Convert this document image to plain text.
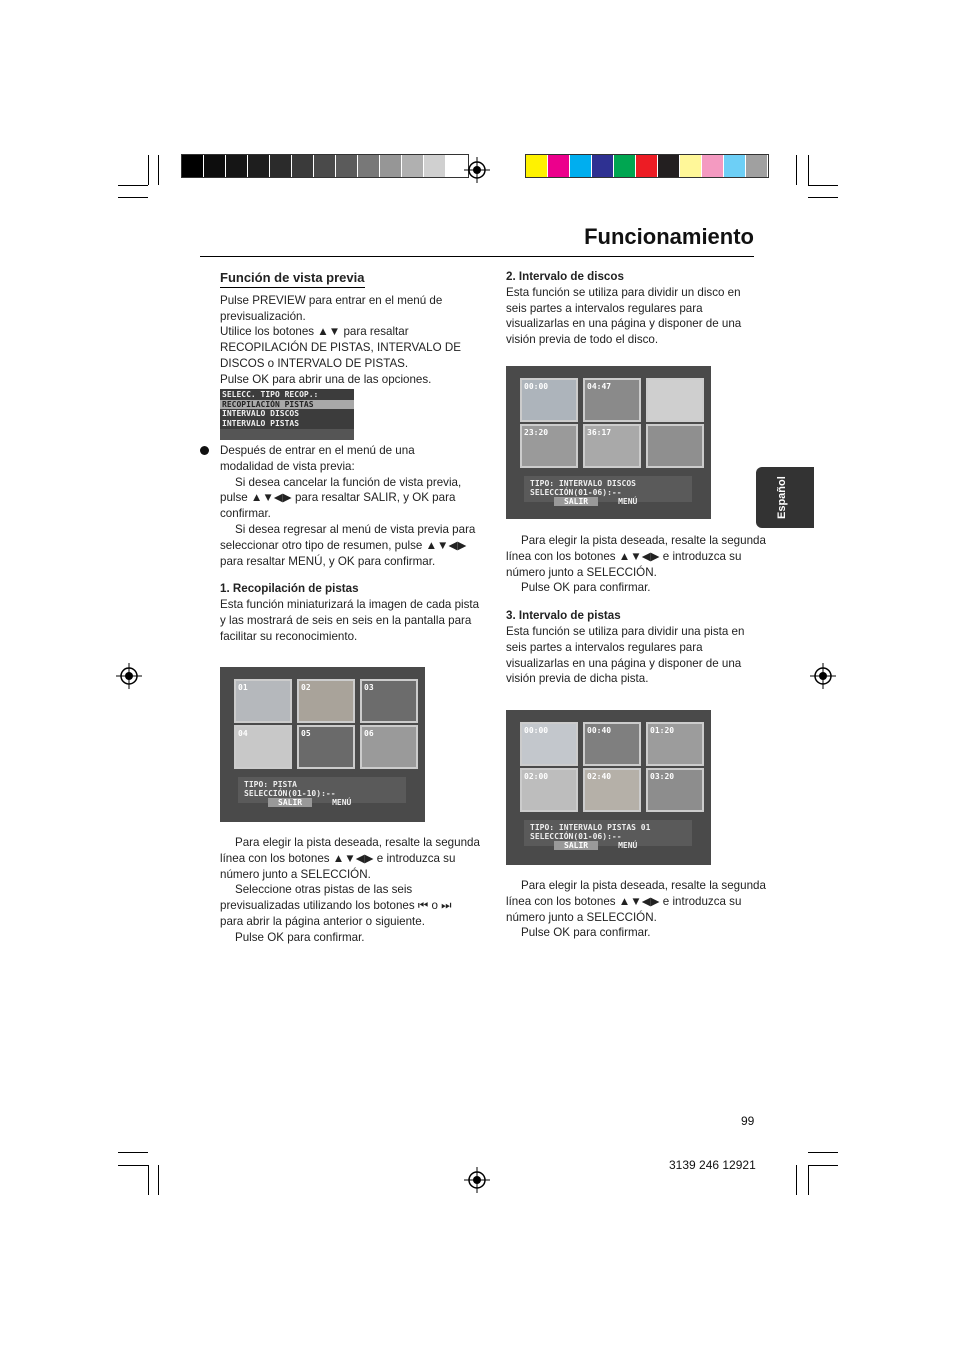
Funcionamiento
Español
Función de vista previa

Pulse PREVIEW para entrar en el menú de

previsualización.

Utilice los botones ▲▼ para resaltar

RECOPILACIÓN DE PISTAS, INTERVALO DE

DISCOS o INTERVALO DE PISTAS.

Pulse OK para abrir una de las opciones.

SELECC. TIPO RECOP.:
RECOPILACIÓN PISTAS
INTERVALO DISCOS
INTERVALO PISTAS

Después de entrar en el menú de una

modalidad de vista previa:

Si desea cancelar la función de vista previa,

pulse ▲▼◀▶ para resaltar SALIR, y OK para

confirmar.

Si desea regresar al menú de vista previa para

seleccionar otro tipo de resumen, pulse ▲▼◀▶

para resaltar MENÚ, y OK para confirmar.

1. Recopilación de pistas

Esta función miniaturizará la imagen de cada pista

y las mostrará de seis en seis en la pantalla para

facilitar su reconocimiento.

01	02	03
04	05	06
TIPO: PISTA
SELECCIÓN(01-10):--
SALIR	MENÚ

Para elegir la pista deseada, resalte la segunda

línea con los botones ▲▼◀▶ e introduzca su

número junto a SELECCIÓN.

Seleccione otras pistas de las seis

previsualizadas utilizando los botones ⏮ o ⏭

para abrir la página anterior o siguiente.

Pulse OK para confirmar.

2. Intervalo de discos

Esta función se utiliza para dividir un disco en

seis partes a intervalos regulares para

visualizarlas en una página y disponer de una

visión previa de todo el disco.

00:00	04:47
23:20	36:17
TIPO: INTERVALO DISCOS
SELECCIÓN(01-06):--
SALIR	MENÚ

Para elegir la pista deseada, resalte la segunda

línea con los botones ▲▼◀▶ e introduzca su

número junto a SELECCIÓN.

Pulse OK para confirmar.

3. Intervalo de pistas

Esta función se utiliza para dividir una pista en

seis partes a intervalos regulares para

visualizarlas en una página y disponer de una

visión previa de dicha pista.

00:00	00:40	01:20
02:00	02:40	03:20
TIPO: INTERVALO PISTAS 01
SELECCIÓN(01-06):--
SALIR	MENÚ

Para elegir la pista deseada, resalte la segunda

línea con los botones ▲▼◀▶ e introduzca su

número junto a SELECCIÓN.

Pulse OK para confirmar.

99
3139 246 12921
